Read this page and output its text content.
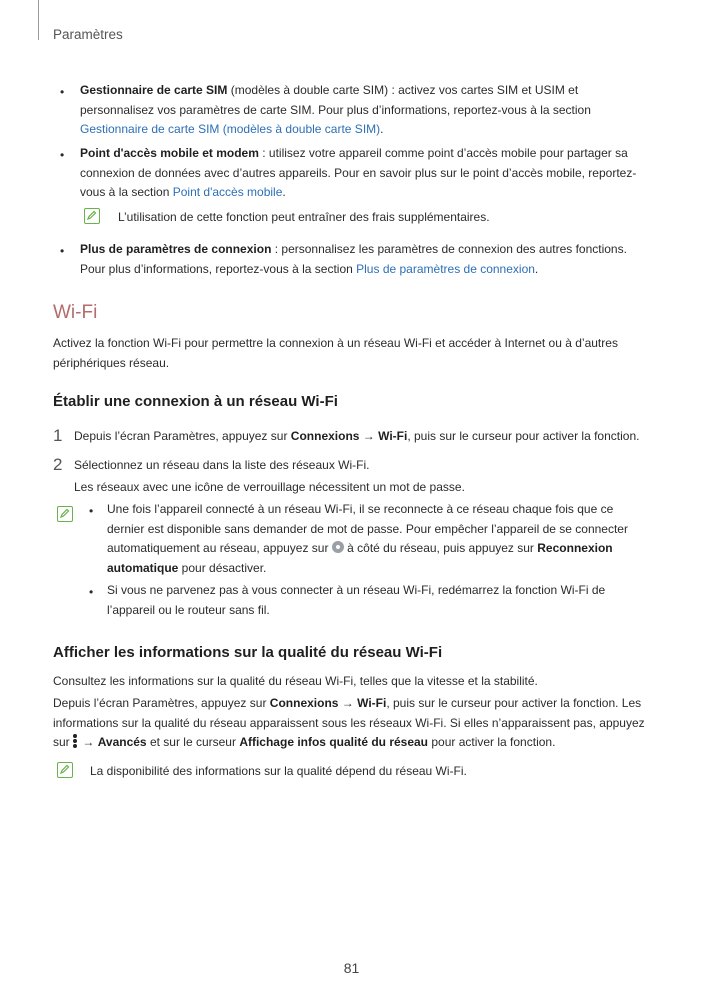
Paramètres
• Gestionnaire de carte SIM (modèles à double carte SIM) : activez vos cartes SIM et USIM et personnalisez vos paramètres de carte SIM. Pour plus d’informations, reportez-vous à la section Gestionnaire de carte SIM (modèles à double carte SIM).
• Point d'accès mobile et modem : utilisez votre appareil comme point d’accès mobile pour partager sa connexion de données avec d’autres appareils. Pour en savoir plus sur le point d’accès mobile, reportez-vous à la section Point d'accès mobile.
L’utilisation de cette fonction peut entraîner des frais supplémentaires.
• Plus de paramètres de connexion : personnalisez les paramètres de connexion des autres fonctions. Pour plus d’informations, reportez-vous à la section Plus de paramètres de connexion.
Wi-Fi
Activez la fonction Wi-Fi pour permettre la connexion à un réseau Wi-Fi et accéder à Internet ou à d’autres périphériques réseau.
Établir une connexion à un réseau Wi-Fi
1 Depuis l’écran Paramètres, appuyez sur Connexions → Wi-Fi, puis sur le curseur pour activer la fonction.
2 Sélectionnez un réseau dans la liste des réseaux Wi-Fi.
Les réseaux avec une icône de verrouillage nécessitent un mot de passe.
• Une fois l’appareil connecté à un réseau Wi-Fi, il se reconnecte à ce réseau chaque fois que ce dernier est disponible sans demander de mot de passe. Pour empêcher l’appareil de se connecter automatiquement au réseau, appuyez sur  à côté du réseau, puis appuyez sur Reconnexion automatique pour désactiver.
• Si vous ne parvenez pas à vous connecter à un réseau Wi-Fi, redémarrez la fonction Wi-Fi de l’appareil ou le routeur sans fil.
Afficher les informations sur la qualité du réseau Wi-Fi
Consultez les informations sur la qualité du réseau Wi-Fi, telles que la vitesse et la stabilité.
Depuis l’écran Paramètres, appuyez sur Connexions → Wi-Fi, puis sur le curseur pour activer la fonction. Les informations sur la qualité du réseau apparaissent sous les réseaux Wi-Fi. Si elles n’apparaissent pas, appuyez sur
→ Avancés et sur le curseur Affichage infos qualité du réseau pour activer la fonction.
La disponibilité des informations sur la qualité dépend du réseau Wi-Fi.
81
